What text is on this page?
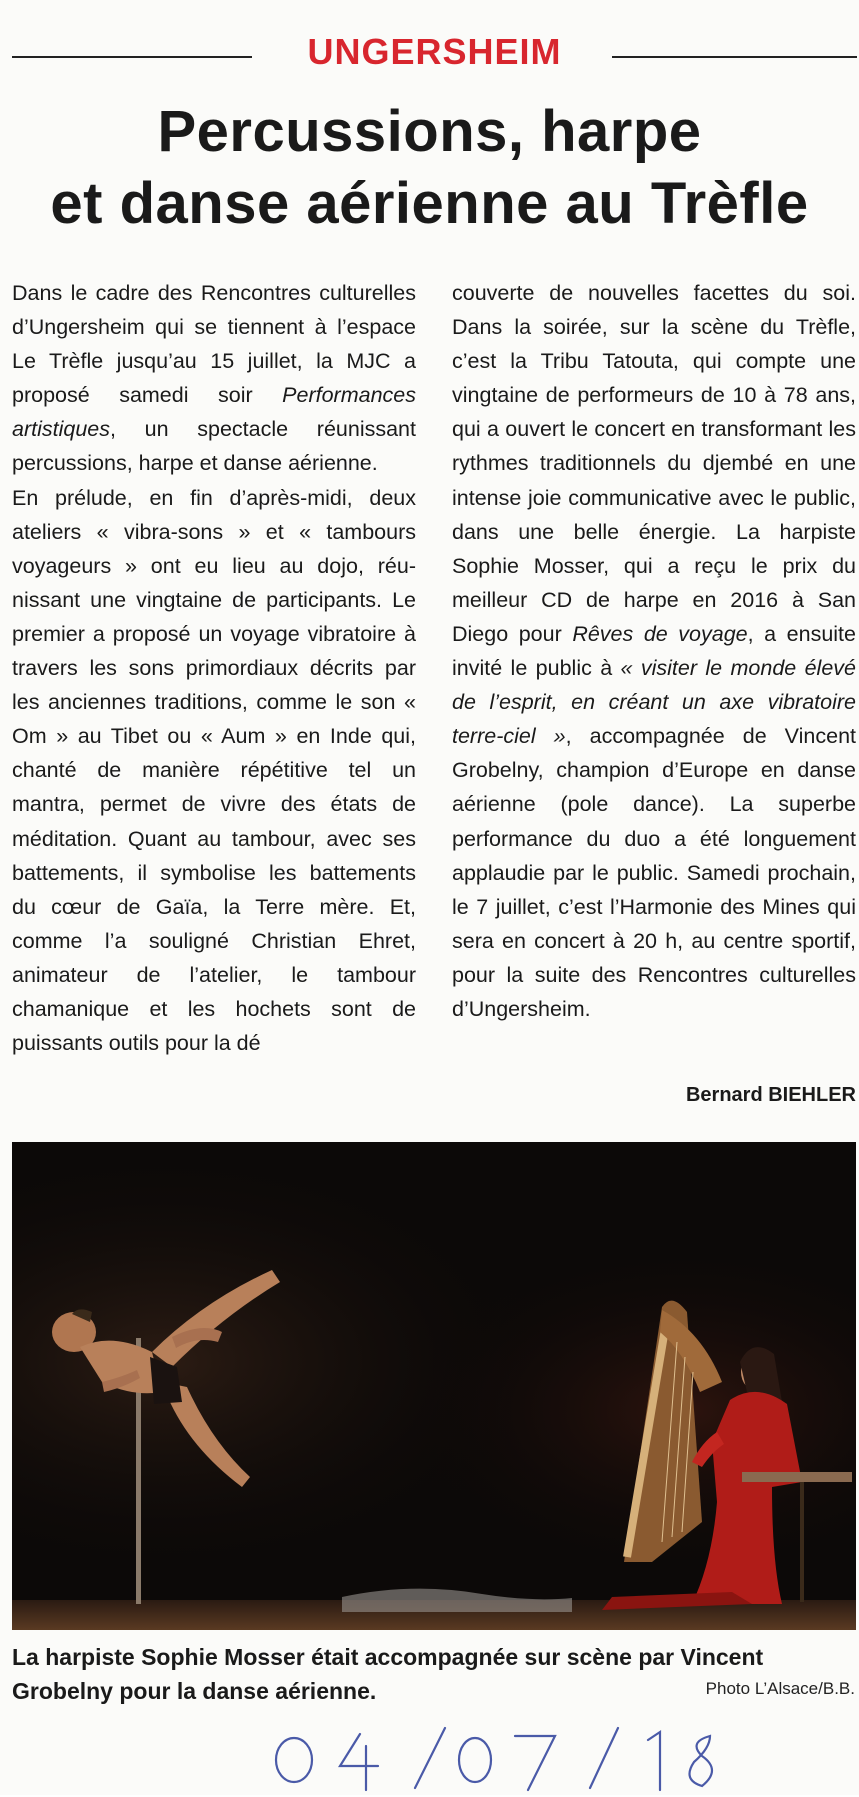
UNGERSHEIM
Percussions, harpe
et danse aérienne au Trèfle

Dans le cadre des Rencontres culturelles d’Ungersheim qui se tiennent à l’espace Le Trèfle jusqu’au 15 juillet, la MJC a proposé samedi soir Performances artistiques, un spectacle réunissant percussions, harpe et danse aérienne.

En prélude, en fin d’après-midi, deux ateliers « vibra-sons » et « tambours voyageurs » ont eu lieu au dojo, réunissant une vingtaine de participants. Le premier a proposé un voyage vibratoire à travers les sons primordiaux décrits par les anciennes traditions, comme le son « Om » au Tibet ou « Aum » en Inde qui, chanté de manière répétitive tel un mantra, permet de vivre des états de méditation. Quant au tambour, avec ses battements, il symbolise les battements du cœur de Gaïa, la Terre mère. Et, comme l’a souligné Christian Ehret, animateur de l’atelier, le tambour chamanique et les hochets sont de puissants outils pour la dé

couverte de nouvelles facettes du soi. Dans la soirée, sur la scène du Trèfle, c’est la Tribu Tatouta, qui compte une vingtaine de performeurs de 10 à 78 ans, qui a ouvert le concert en transformant les rythmes traditionnels du djembé en une intense joie communicative avec le public, dans une belle énergie. La harpiste Sophie Mosser, qui a reçu le prix du meilleur CD de harpe en 2016 à San Diego pour Rêves de voyage, a ensuite invité le public à « visiter le monde élevé de l’esprit, en créant un axe vibratoire terre-ciel », accompagnée de Vincent Grobelny, champion d’Europe en danse aérienne (pole dance). La superbe performance du duo a été longuement applaudie par le public. Samedi prochain, le 7 juillet, c’est l’Harmonie des Mines qui sera en concert à 20 h, au centre sportif, pour la suite des Rencontres culturelles d’Ungersheim.

Bernard BIEHLER
La harpiste Sophie Mosser était accompagnée sur scène par Vincent Grobelny pour la danse aérienne.	Photo L’Alsace/B.B.
